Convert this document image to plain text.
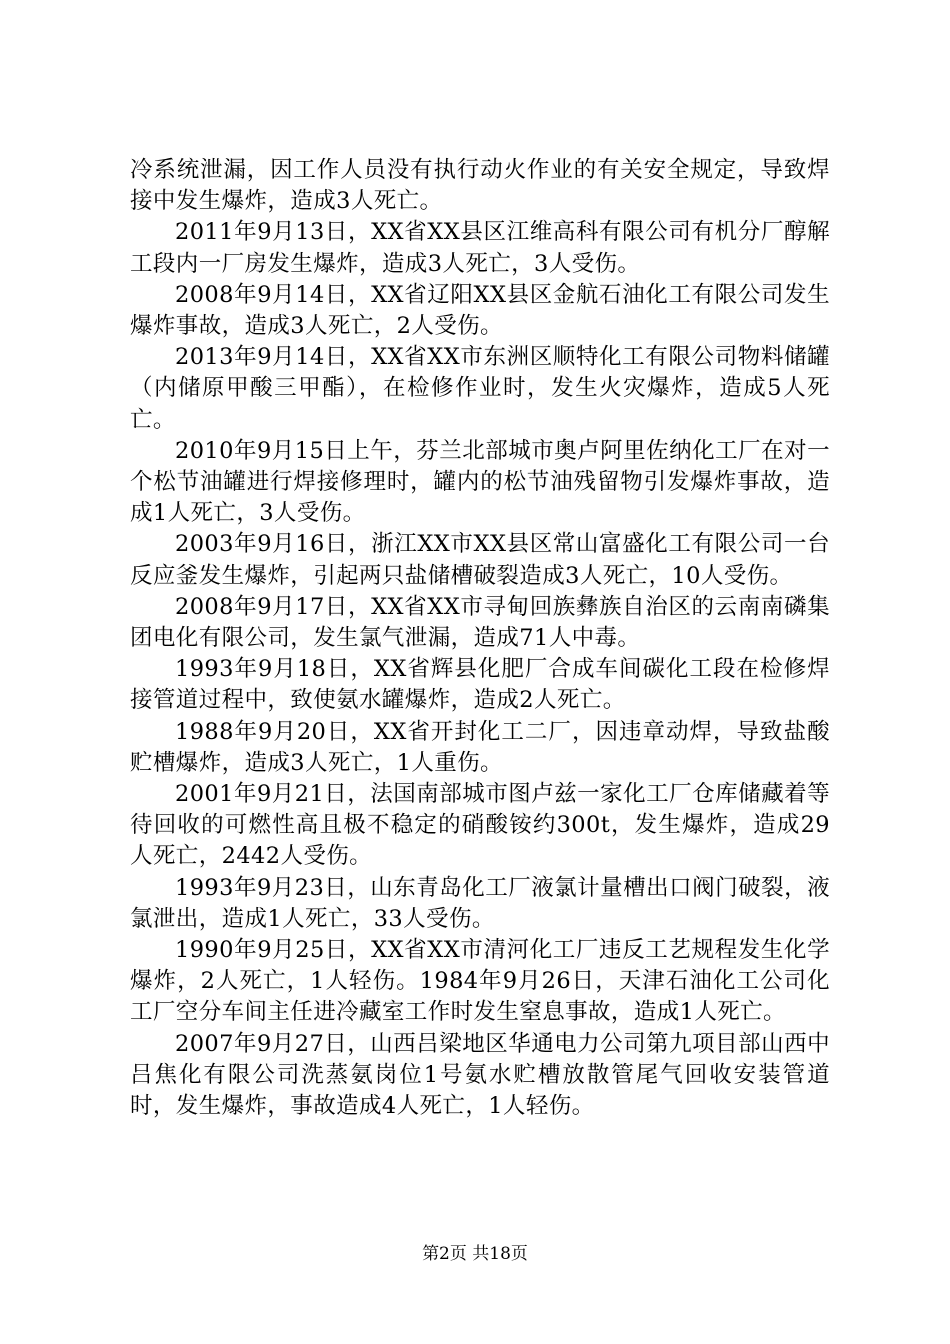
冷系统泄漏，因工作人员没有执行动火作业的有关安全规定，导致焊接中发生爆炸，造成3人死亡。

2011年9月13日，XX省XX县区江维高科有限公司有机分厂醇解工段内一厂房发生爆炸，造成3人死亡，3人受伤。

2008年9月14日，XX省辽阳XX县区金航石油化工有限公司发生爆炸事故，造成3人死亡，2人受伤。

2013年9月14日，XX省XX市东洲区顺特化工有限公司物料储罐（内储原甲酸三甲酯），在检修作业时，发生火灾爆炸，造成5人死亡。

2010年9月15日上午，芬兰北部城市奥卢阿里佐纳化工厂在对一个松节油罐进行焊接修理时，罐内的松节油残留物引发爆炸事故，造成1人死亡，3人受伤。

2003年9月16日，浙江XX市XX县区常山富盛化工有限公司一台反应釜发生爆炸，引起两只盐储槽破裂造成3人死亡，10人受伤。

2008年9月17日，XX省XX市寻甸回族彝族自治区的云南南磷集团电化有限公司，发生氯气泄漏，造成71人中毒。

1993年9月18日，XX省辉县化肥厂合成车间碳化工段在检修焊接管道过程中，致使氨水罐爆炸，造成2人死亡。

1988年9月20日，XX省开封化工二厂，因违章动焊，导致盐酸贮槽爆炸，造成3人死亡，1人重伤。

2001年9月21日，法国南部城市图卢兹一家化工厂仓库储藏着等待回收的可燃性高且极不稳定的硝酸铵约300t，发生爆炸，造成29人死亡，2442人受伤。

1993年9月23日，山东青岛化工厂液氯计量槽出口阀门破裂，液氯泄出，造成1人死亡，33人受伤。

1990年9月25日，XX省XX市清河化工厂违反工艺规程发生化学爆炸，2人死亡，1人轻伤。1984年9月26日，天津石油化工公司化工厂空分车间主任进冷藏室工作时发生窒息事故，造成1人死亡。

2007年9月27日，山西吕梁地区华通电力公司第九项目部山西中吕焦化有限公司洗蒸氨岗位1号氨水贮槽放散管尾气回收安装管道时，发生爆炸，事故造成4人死亡，1人轻伤。

第2页 共18页
